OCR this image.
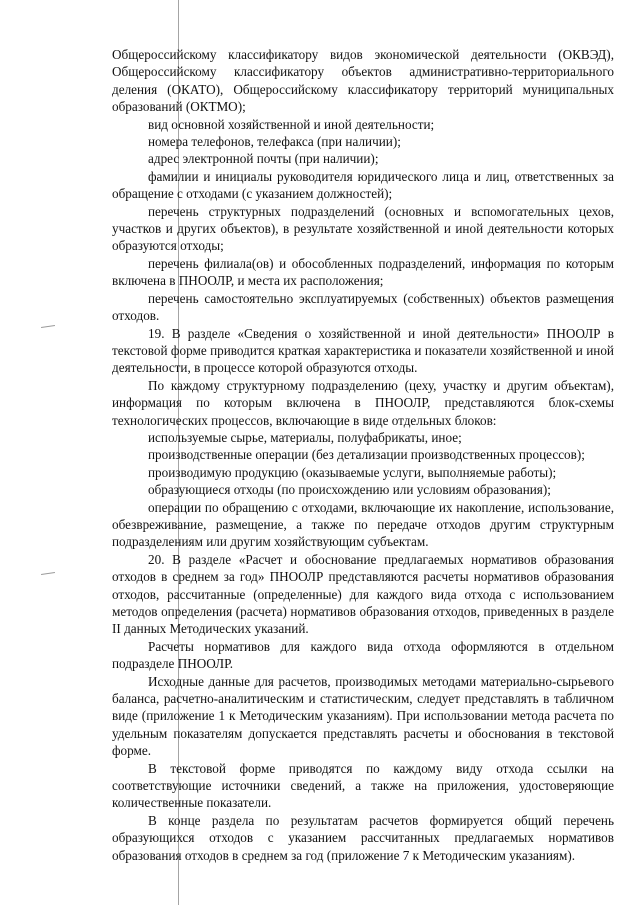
Общероссийскому классификатору видов экономической деятельности (ОКВЭД), Общероссийскому классификатору объектов административно-территориального деления (ОКАТО), Общероссийскому классификатору территорий муниципальных образований (ОКТМО);

вид основной хозяйственной и иной деятельности;

номера телефонов, телефакса (при наличии);

адрес электронной почты (при наличии);

фамилии и инициалы руководителя юридического лица и лиц, ответственных за обращение с отходами (с указанием должностей);

перечень структурных подразделений (основных и вспомогательных цехов, участков и других объектов), в результате хозяйственной и иной деятельности которых образуются отходы;

перечень филиала(ов) и обособленных подразделений, информация по которым включена в ПНООЛР, и места их расположения;

перечень самостоятельно эксплуатируемых (собственных) объектов размещения отходов.

19. В разделе «Сведения о хозяйственной и иной деятельности» ПНООЛР в текстовой форме приводится краткая характеристика и показатели хозяйственной и иной деятельности, в процессе которой образуются отходы.

По каждому структурному подразделению (цеху, участку и другим объектам), информация по которым включена в ПНООЛР, представляются блок-схемы технологических процессов, включающие в виде отдельных блоков:

используемые сырье, материалы, полуфабрикаты, иное;

производственные операции (без детализации производственных процессов);

производимую продукцию (оказываемые услуги, выполняемые работы);

образующиеся отходы (по происхождению или условиям образования);

операции по обращению с отходами, включающие их накопление, использование, обезвреживание, размещение, а также по передаче отходов другим структурным подразделениям или другим хозяйствующим субъектам.

20. В разделе «Расчет и обоснование предлагаемых нормативов образования отходов в среднем за год» ПНООЛР представляются расчеты нормативов образования отходов, рассчитанные (определенные) для каждого вида отхода с использованием методов определения (расчета) нормативов образования отходов, приведенных в разделе II данных Методических указаний.

Расчеты нормативов для каждого вида отхода оформляются в отдельном подразделе ПНООЛР.

Исходные данные для расчетов, производимых методами материально-сырьевого баланса, расчетно-аналитическим и статистическим, следует представлять в табличном виде (приложение 1 к Методическим указаниям). При использовании метода расчета по удельным показателям допускается представлять расчеты и обоснования в текстовой форме.

В текстовой форме приводятся по каждому виду отхода ссылки на соответствующие источники сведений, а также на приложения, удостоверяющие количественные показатели.

В конце раздела по результатам расчетов формируется общий перечень образующихся отходов с указанием рассчитанных предлагаемых нормативов образования отходов в среднем за год (приложение 7 к Методическим указаниям).
